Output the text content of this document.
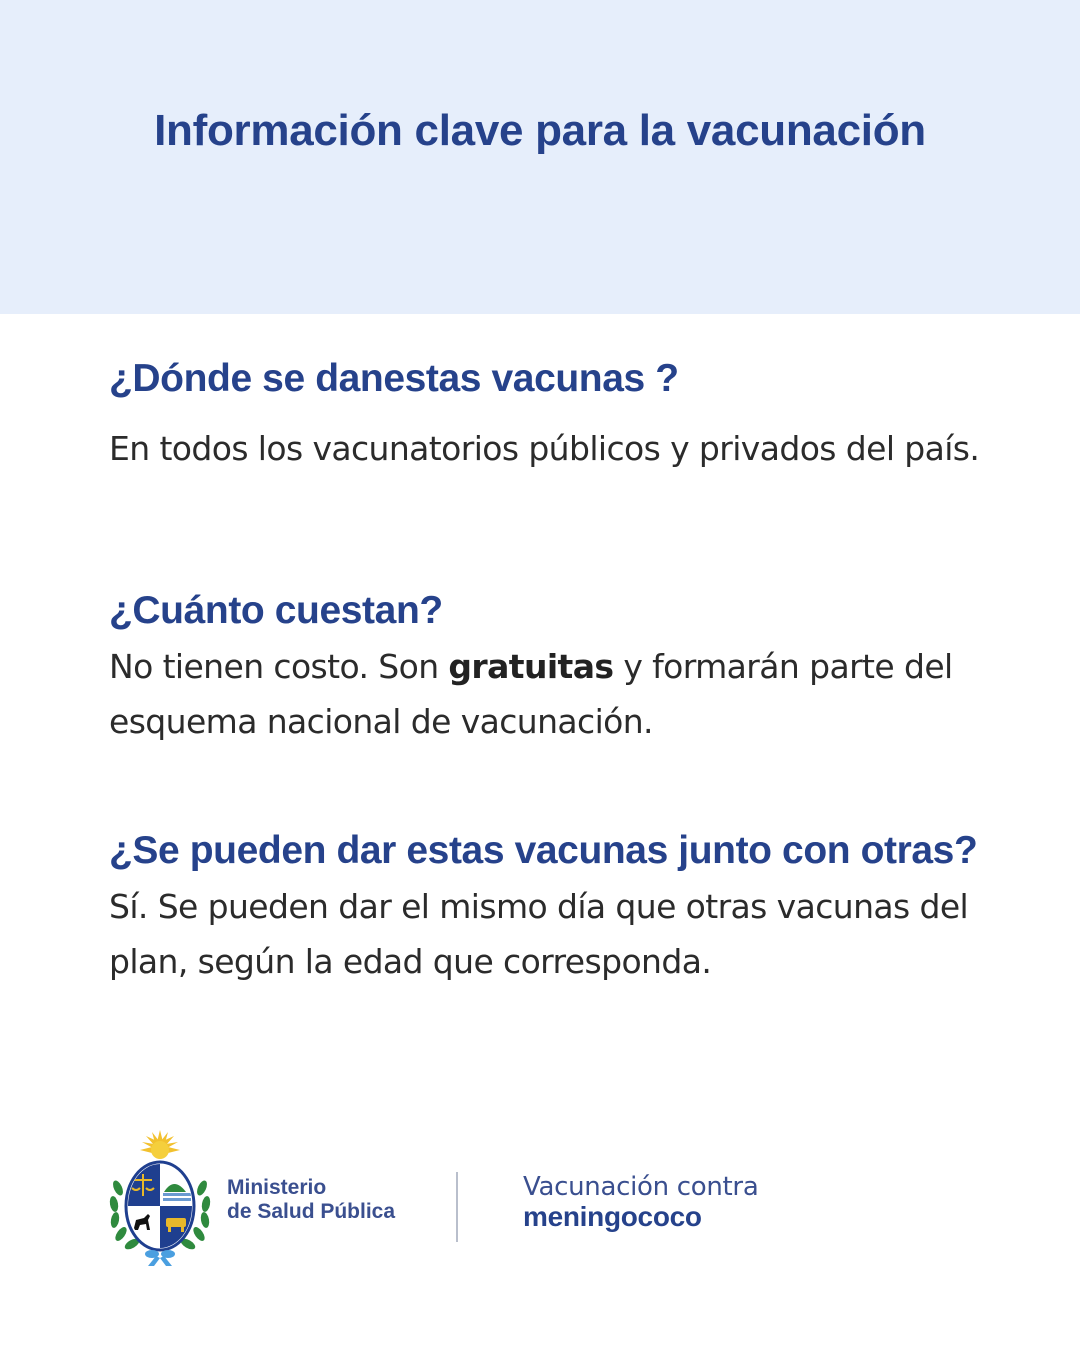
Información clave para la vacunación
¿Dónde se danestas vacunas ?

En todos los vacunatorios públicos y privados del país.

¿Cuánto cuestan?

No tienen costo. Son gratuitas y formarán parte del esquema nacional de vacunación.

¿Se pueden dar estas vacunas junto con otras?

Sí. Se pueden dar el mismo día que otras vacunas del plan, según la edad que corresponda.

Ministerio
de Salud Pública
Vacunación contra
meningococo
